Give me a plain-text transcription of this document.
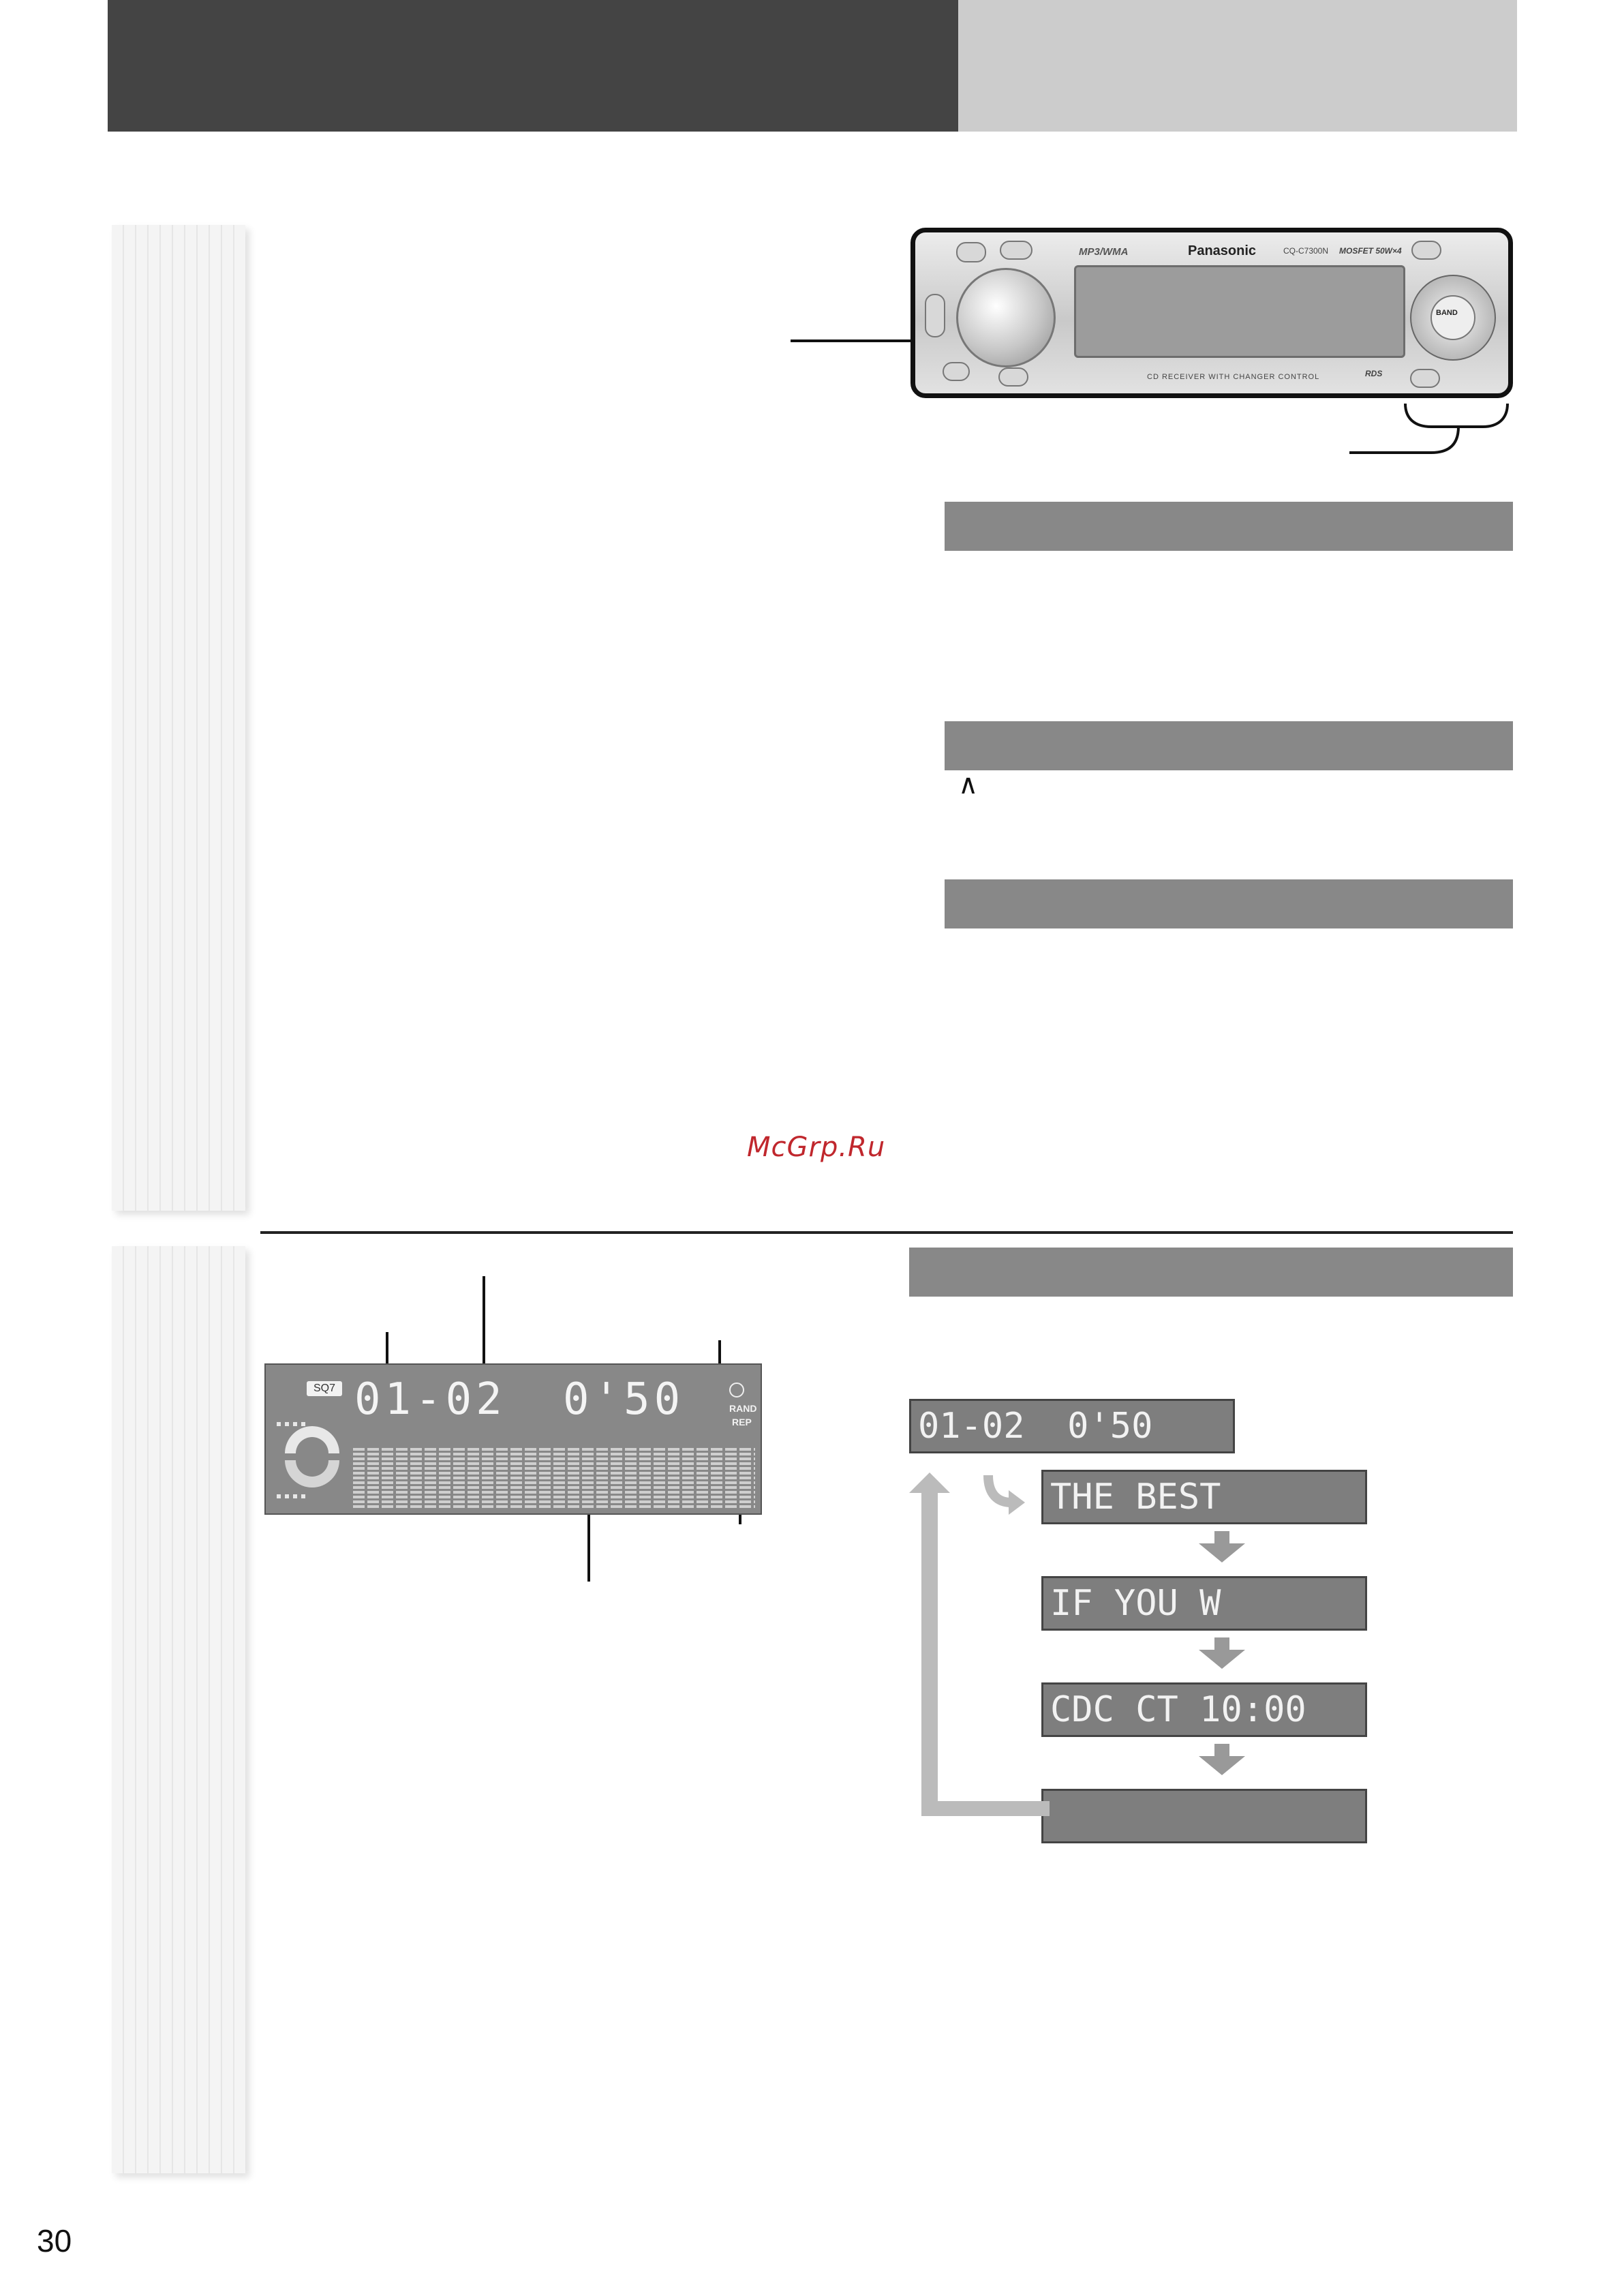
MP3/WMA	Panasonic	CQ-C7300N MOSFET 50W×4
CD RECEIVER WITH CHANGER CONTROL	RDS
BAND
∧
McGrp.Ru
SQ7 01-02 0'50	RAND
REP	01-02  0'50
THE BEST
IF YOU W
CDC CT 10:00
30
